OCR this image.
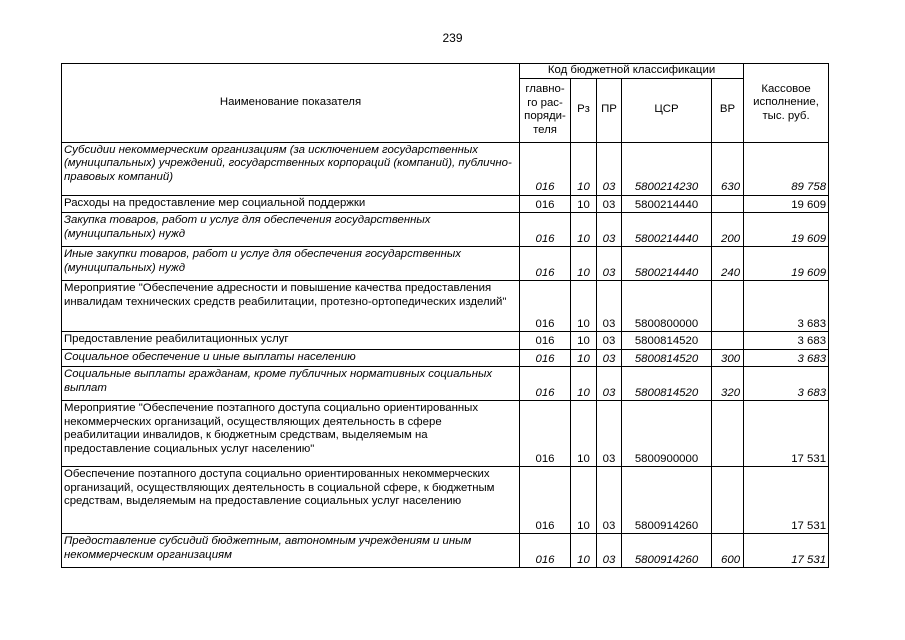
239
Наименование показателя	Код бюджетной классификации					Кассовое исполнение, тыс. руб.
	главно-
го рас-
поряди-
теля	Рз	ПР	ЦСР	ВР	
Субсидии некоммерческим организациям (за исключением государственных (муниципальных) учреждений, государственных корпораций (компаний), публично-правовых компаний)	016	10	03	5800214230	630	89 758
Расходы на предоставление мер социальной поддержки	016	10	03	5800214440		19 609
Закупка товаров, работ и услуг для обеспечения государственных (муниципальных) нужд	016	10	03	5800214440	200	19 609
Иные закупки товаров, работ и услуг для обеспечения государственных (муниципальных) нужд	016	10	03	5800214440	240	19 609
Мероприятие "Обеспечение адресности и повышение качества предоставления инвалидам технических средств реабилитации, протезно-ортопедических изделий"	016	10	03	5800800000		3 683
Предоставление реабилитационных услуг	016	10	03	5800814520		3 683
Социальное обеспечение и иные выплаты населению	016	10	03	5800814520	300	3 683
Социальные выплаты гражданам, кроме публичных нормативных социальных выплат	016	10	03	5800814520	320	3 683
Мероприятие "Обеспечение поэтапного доступа социально ориентированных некоммерческих организаций, осуществляющих деятельность в сфере реабилитации инвалидов, к бюджетным средствам, выделяемым на предоставление социальных услуг населению"	016	10	03	5800900000		17 531
Обеспечение поэтапного доступа социально ориентированных некоммерческих организаций, осуществляющих деятельность в социальной сфере, к бюджетным средствам, выделяемым на предоставление социальных услуг населению	016	10	03	5800914260		17 531
Предоставление субсидий бюджетным, автономным учреждениям и иным некоммерческим организациям	016	10	03	5800914260	600	17 531
